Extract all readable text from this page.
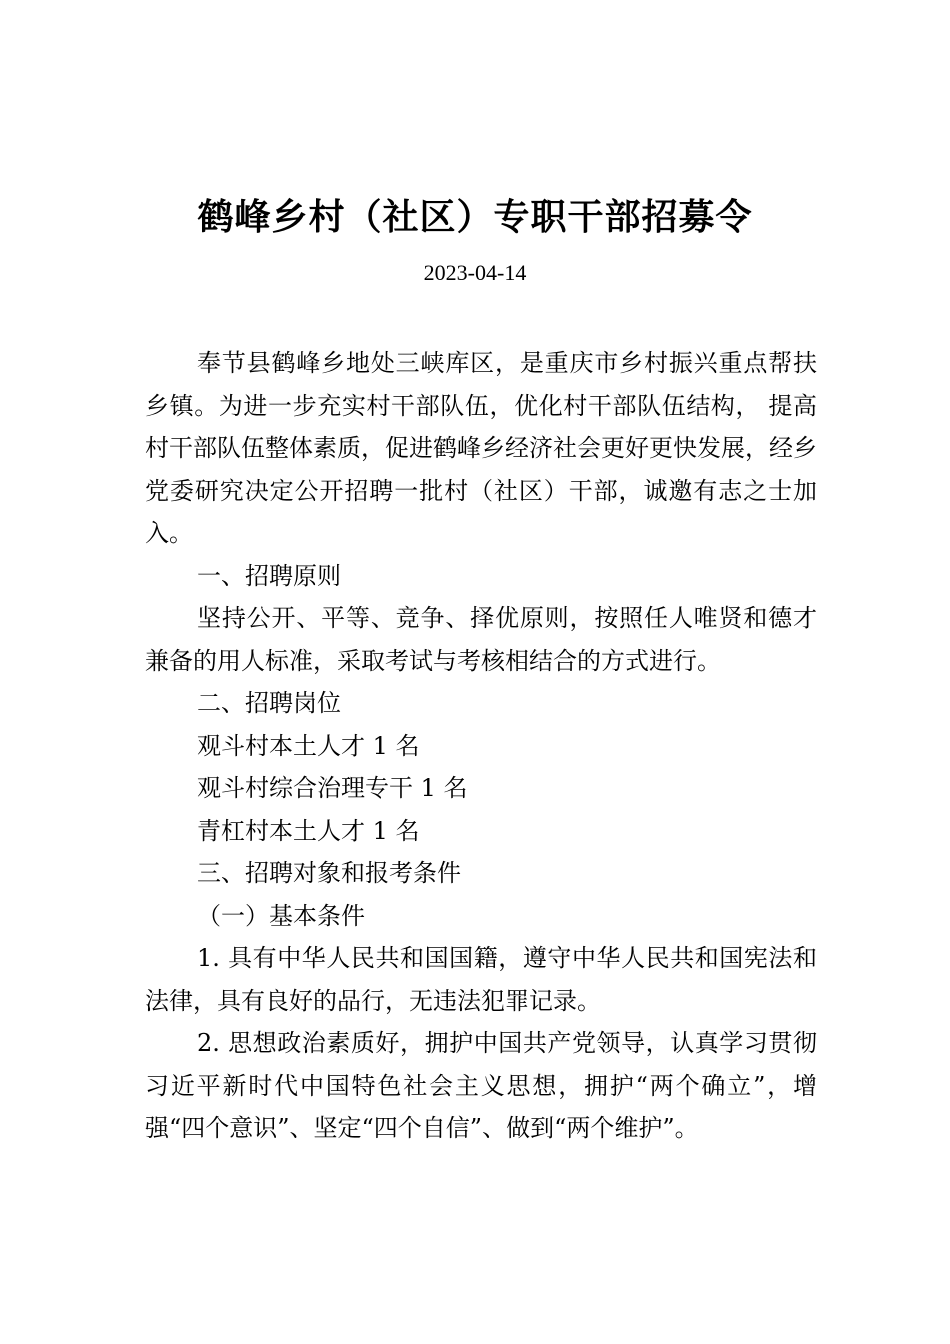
鹤峰乡村（社区）专职干部招募令
2023-04-14

奉节县鹤峰乡地处三峡库区，是重庆市乡村振兴重点帮扶乡镇。为进一步充实村干部队伍，优化村干部队伍结构， 提高村干部队伍整体素质，促进鹤峰乡经济社会更好更快发展，经乡党委研究决定公开招聘一批村（社区）干部，诚邀有志之士加入。

一、招聘原则

坚持公开、平等、竞争、择优原则，按照任人唯贤和德才兼备的用人标准，采取考试与考核相结合的方式进行。

二、招聘岗位

观斗村本土人才 1 名

观斗村综合治理专干 1 名

青杠村本土人才 1 名

三、招聘对象和报考条件

（一）基本条件

1. 具有中华人民共和国国籍，遵守中华人民共和国宪法和法律，具有良好的品行，无违法犯罪记录。

2. 思想政治素质好，拥护中国共产党领导，认真学习贯彻习近平新时代中国特色社会主义思想，拥护“两个确立”，增强“四个意识”、坚定“四个自信”、做到“两个维护”。
